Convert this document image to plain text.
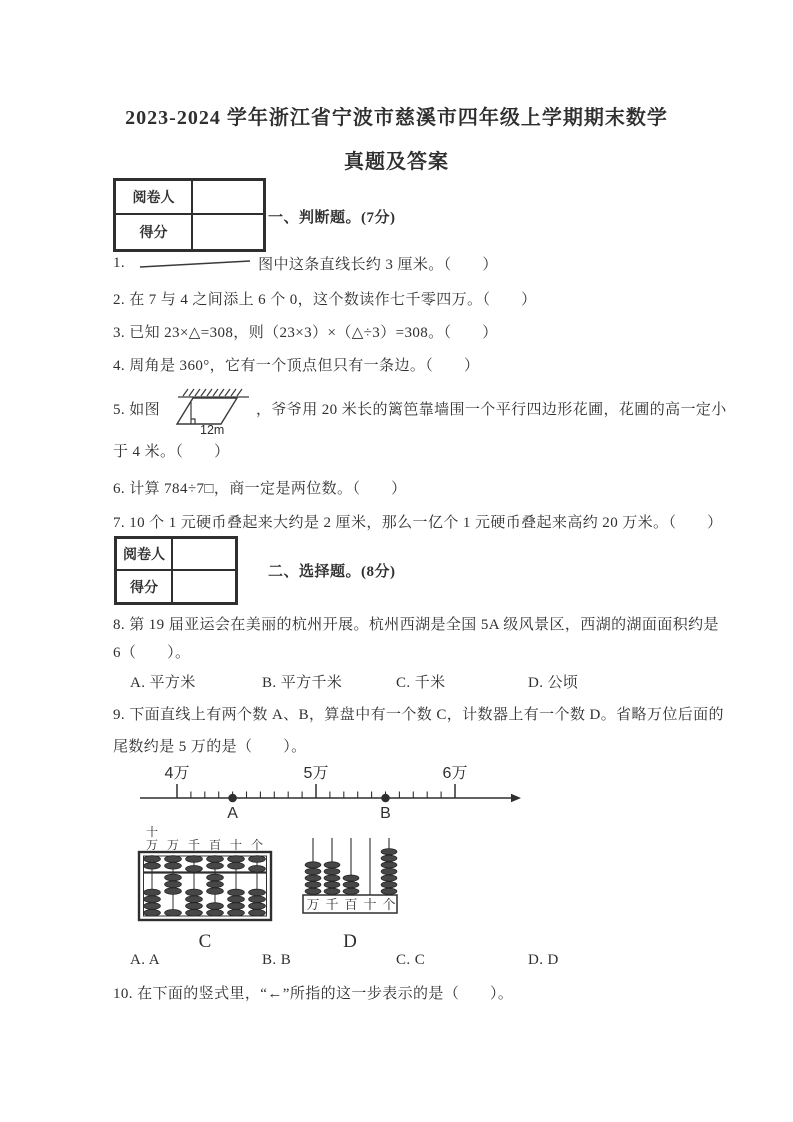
2023-2024 学年浙江省宁波市慈溪市四年级上学期期末数学
真题及答案
阅卷人
得分
一、判断题。(7分)
1.	图中这条直线长约 3 厘米。（　　）
2. 在 7 与 4 之间添上 6 个 0，这个数读作七千零四万。（　　）
3. 已知 23×△=308，则（23×3）×（△÷3）=308。（　　）
4. 周角是 360°，它有一个顶点但只有一条边。（　　）
5. 如图
12m
，爷爷用 20 米长的篱笆靠墙围一个平行四边形花圃，花圃的高一定小
于 4 米。（　　）
6. 计算 784÷7□，商一定是两位数。（　　）
7. 10 个 1 元硬币叠起来大约是 2 厘米，那么一亿个 1 元硬币叠起来高约 20 万米。（　　）
阅卷人
得分
二、选择题。(8分)
8. 第 19 届亚运会在美丽的杭州开展。杭州西湖是全国 5A 级风景区，西湖的湖面面积约是
6（　　）。
A. 平方米	B. 平方千米	C. 千米	D. 公顷
9. 下面直线上有两个数 A、B，算盘中有一个数 C，计数器上有一个数 D。省略万位后面的
尾数约是 5 万的是（　　）。
4万	5万	6万
A	B
十
万 万 千 百 十 个
C
万 千 百 十 个
D
A. A	B. B	C. C	D. D
10. 在下面的竖式里，“←”所指的这一步表示的是（　　）。
